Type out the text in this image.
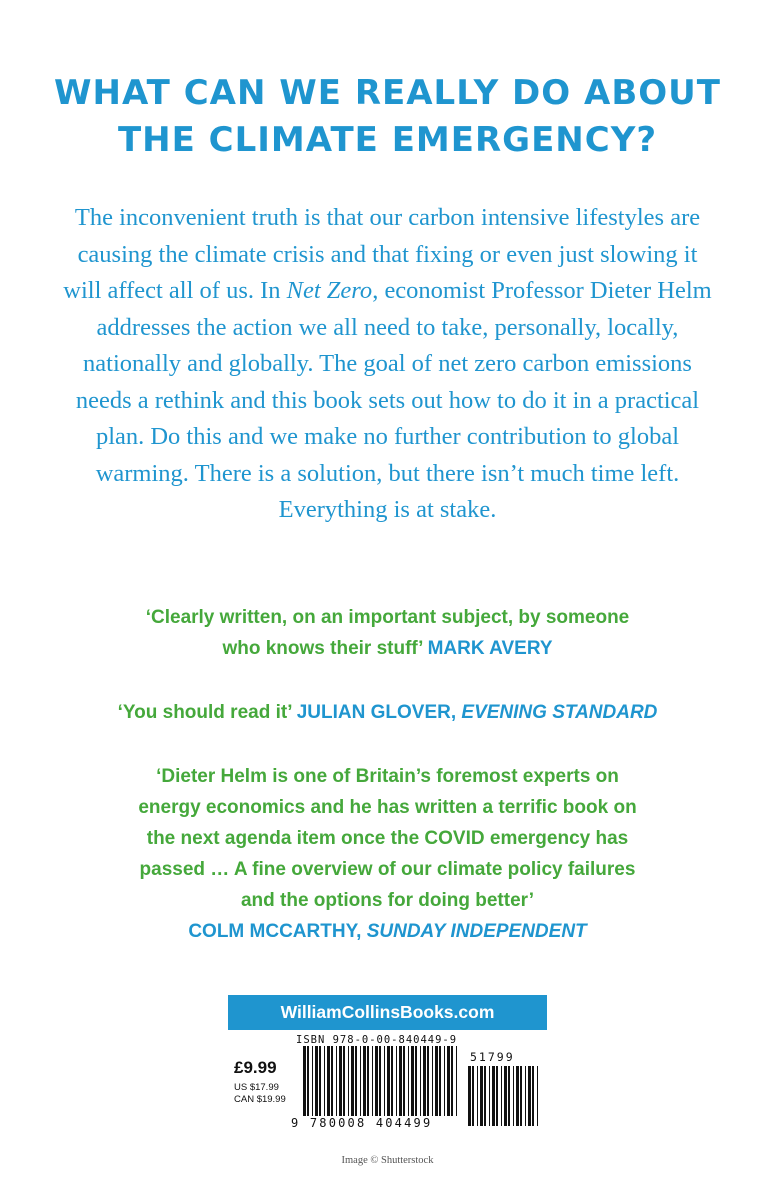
WHAT CAN WE REALLY DO ABOUT
THE CLIMATE EMERGENCY?

The inconvenient truth is that our carbon intensive lifestyles are causing the climate crisis and that fixing or even just slowing it will affect all of us. In Net Zero, economist Professor Dieter Helm addresses the action we all need to take, personally, locally, nationally and globally. The goal of net zero carbon emissions needs a rethink and this book sets out how to do it in a practical plan. Do this and we make no further contribution to global warming. There is a solution, but there isn’t much time left. Everything is at stake.

‘Clearly written, on an important subject, by someone
who knows their stuff’ MARK AVERY

‘You should read it’ JULIAN GLOVER, EVENING STANDARD

‘Dieter Helm is one of Britain’s foremost experts on
energy economics and he has written a terrific book on
the next agenda item once the COVID emergency has
passed … A fine overview of our climate policy failures
and the options for doing better’
COLM MCCARTHY, SUNDAY INDEPENDENT

WilliamCollinsBooks.com
ISBN 978-0-00-840449-9
£9.99
US $17.99
CAN $19.99
51799
9 780008 404499
Image © Shutterstock
